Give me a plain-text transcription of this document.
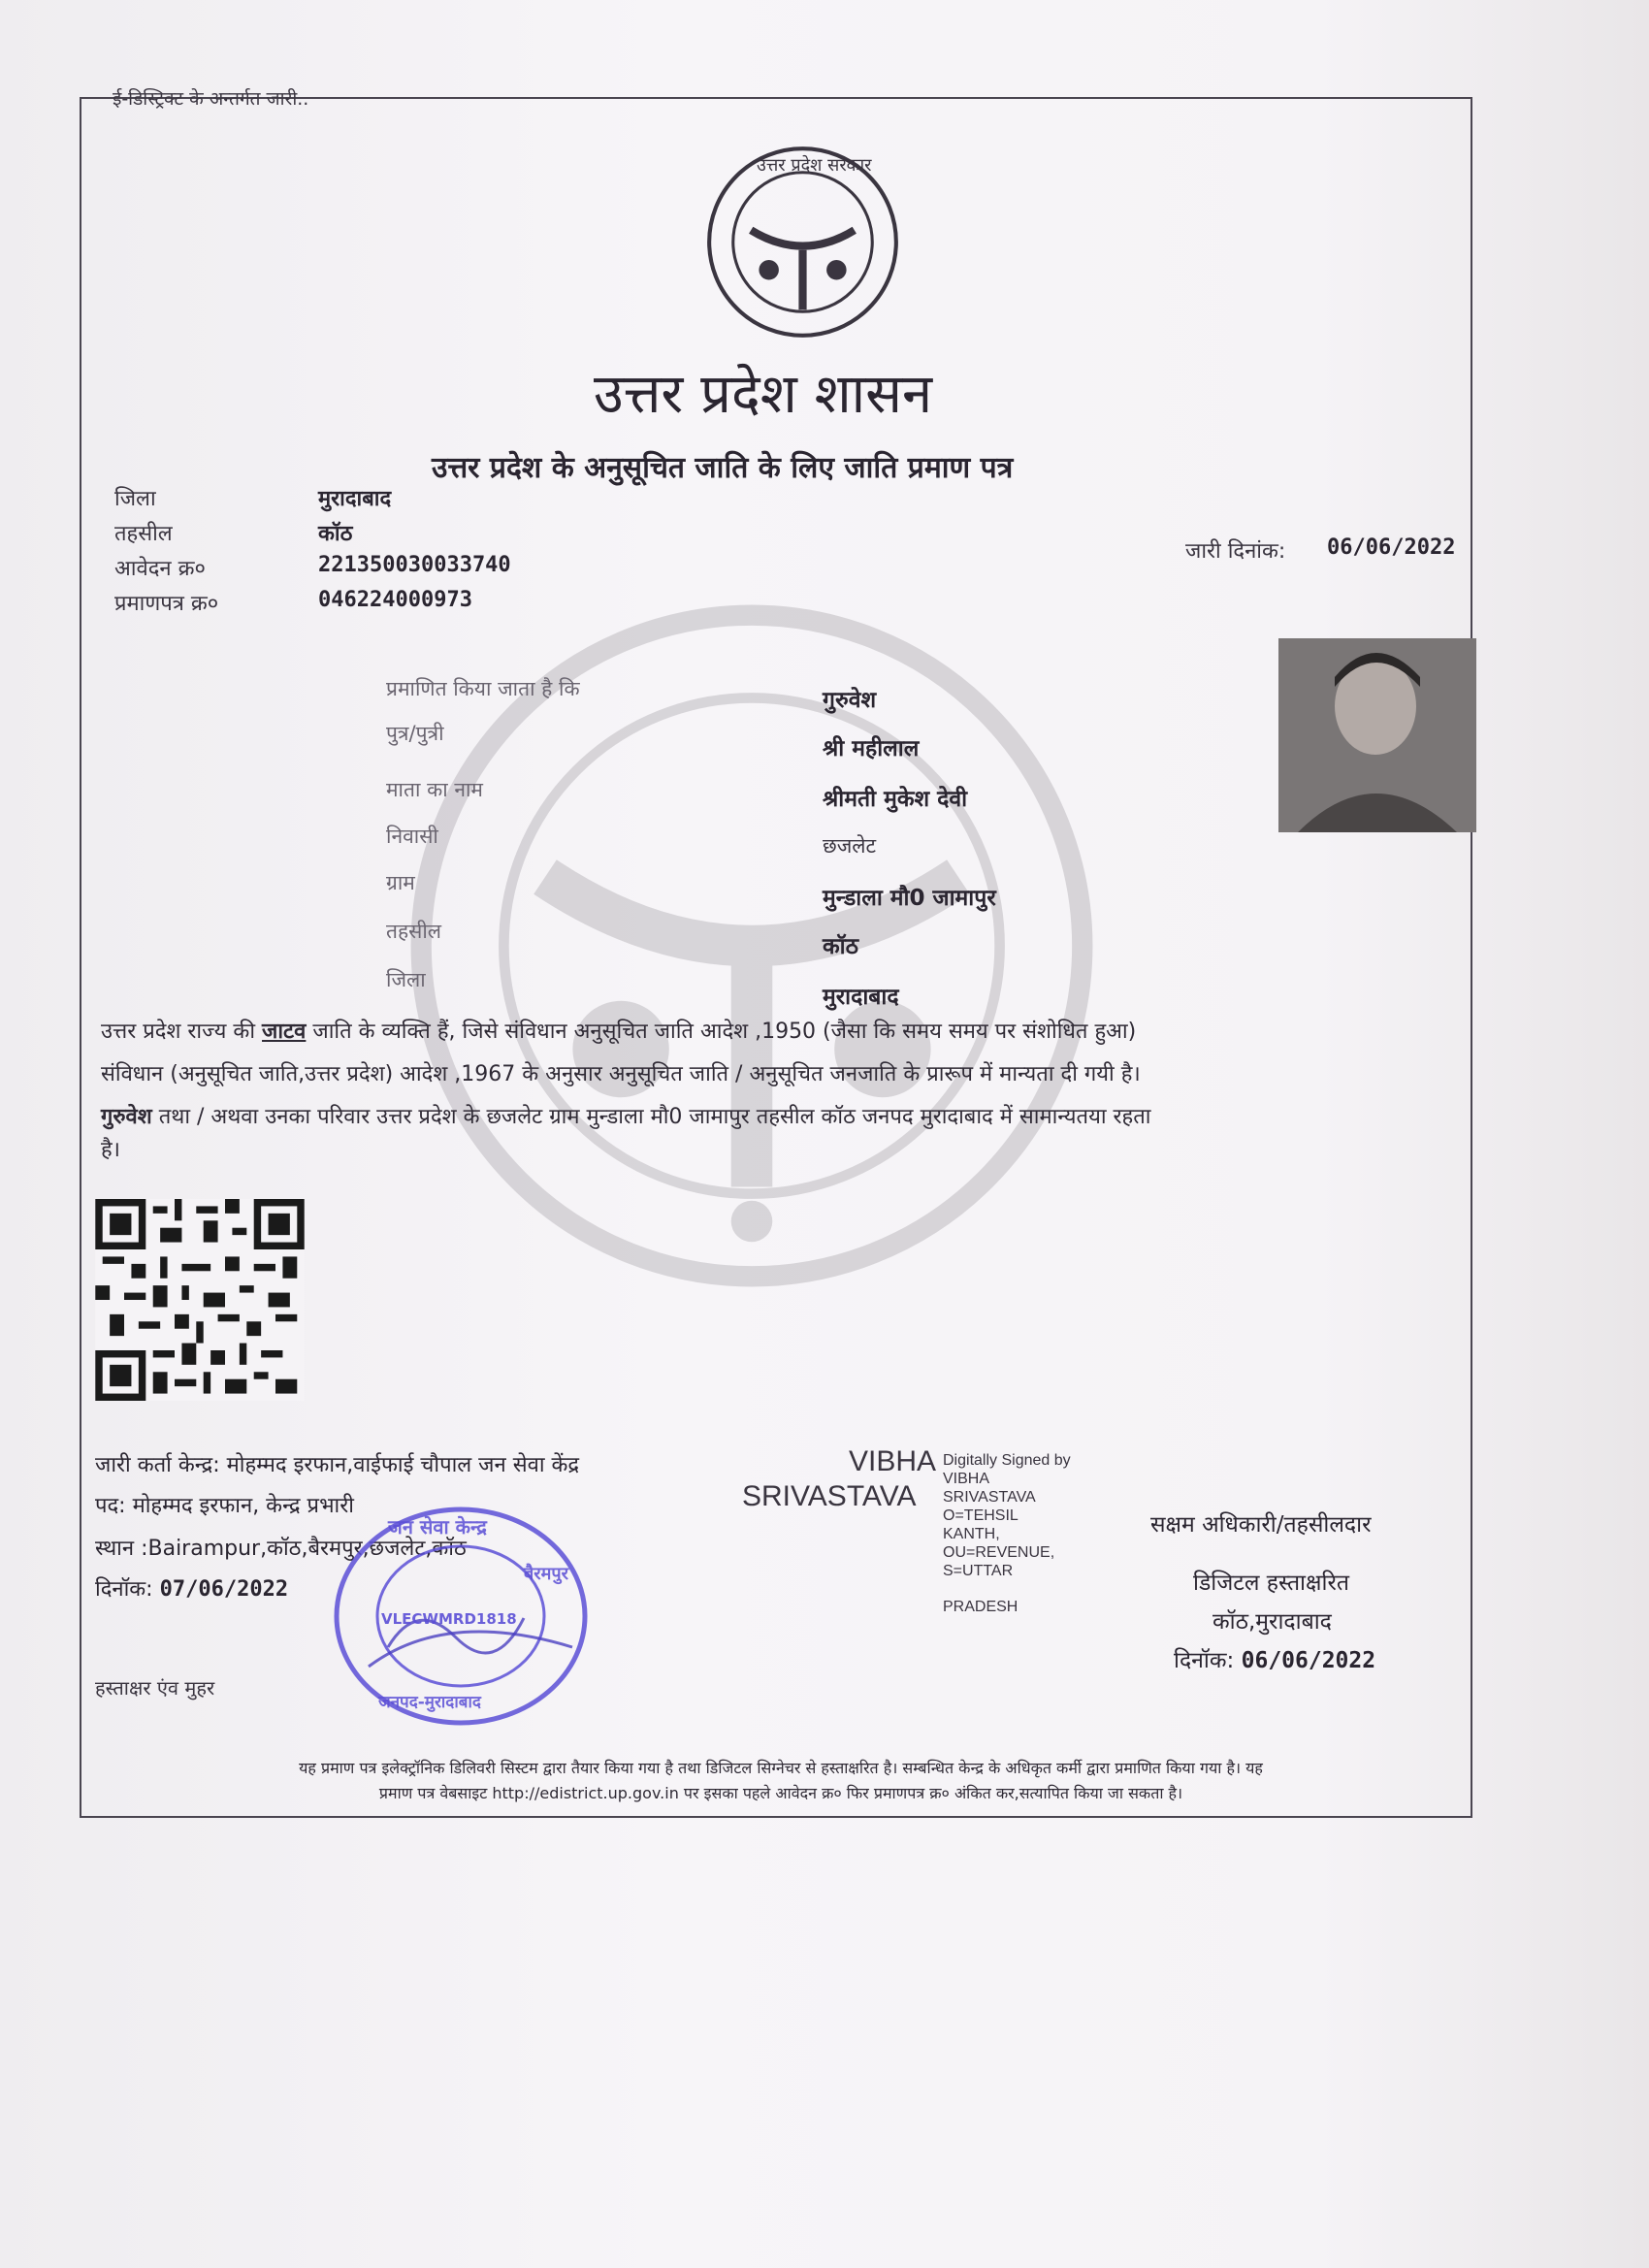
ई-डिस्ट्रिक्ट के अन्तर्गत जारी..
उत्तर प्रदेश सरकार
उत्तर प्रदेश शासन
उत्तर प्रदेश के अनुसूचित जाति के लिए जाति प्रमाण पत्र
जिला
तहसील
आवेदन क्र०
प्रमाणपत्र क्र०
मुरादाबाद
कॉठ
221350030033740
046224000973
जारी दिनांक: 06/06/2022
प्रमाणित किया जाता है कि
पुत्र/पुत्री
माता का नाम
निवासी
ग्राम
तहसील
जिला
गुरुवेश
श्री महीलाल
श्रीमती मुकेश देवी
छजलेट
मुन्डाला मौ0 जामापुर
कॉठ
मुरादाबाद
उत्तर प्रदेश राज्य की जाटव जाति के व्यक्ति हैं, जिसे संविधान अनुसूचित जाति आदेश ,1950 (जैसा कि समय समय पर संशोधित हुआ)
संविधान (अनुसूचित जाति,उत्तर प्रदेश) आदेश ,1967 के अनुसार अनुसूचित जाति / अनुसूचित जनजाति के प्रारूप में मान्यता दी गयी है।
गुरुवेश तथा / अथवा उनका परिवार उत्तर प्रदेश के छजलेट ग्राम मुन्डाला मौ0 जामापुर तहसील कॉठ जनपद मुरादाबाद में सामान्यतया रहता
है।
जारी कर्ता केन्द्र: मोहम्मद इरफान,वाईफाई चौपाल जन सेवा केंद्र
पद: मोहम्मद इरफान, केन्द्र प्रभारी
स्थान :Bairampur,कॉठ,बैरमपुर,छजलेट,कॉठ
दिनॉक: 07/06/2022
हस्ताक्षर एंव मुहर
जन सेवा केन्द्र
बैरमपुर
VLECWMRD1818
जनपद-मुरादाबाद
VIBHA
SRIVASTAVA
Digitally Signed by
VIBHA
SRIVASTAVA
O=TEHSIL
KANTH,
OU=REVENUE,
S=UTTAR
PRADESH
सक्षम अधिकारी/तहसीलदार
डिजिटल हस्ताक्षरित
कॉठ,मुरादाबाद
दिनॉक: 06/06/2022
यह प्रमाण पत्र इलेक्ट्रॉनिक डिलिवरी सिस्टम द्वारा तैयार किया गया है तथा डिजिटल सिग्नेचर से हस्ताक्षरित है। सम्बन्धित केन्द्र के अधिकृत कर्मी द्वारा प्रमाणित किया गया है। यह
प्रमाण पत्र वेबसाइट http://edistrict.up.gov.in पर इसका पहले आवेदन क्र० फिर प्रमाणपत्र क्र० अंकित कर,सत्यापित किया जा सकता है।
